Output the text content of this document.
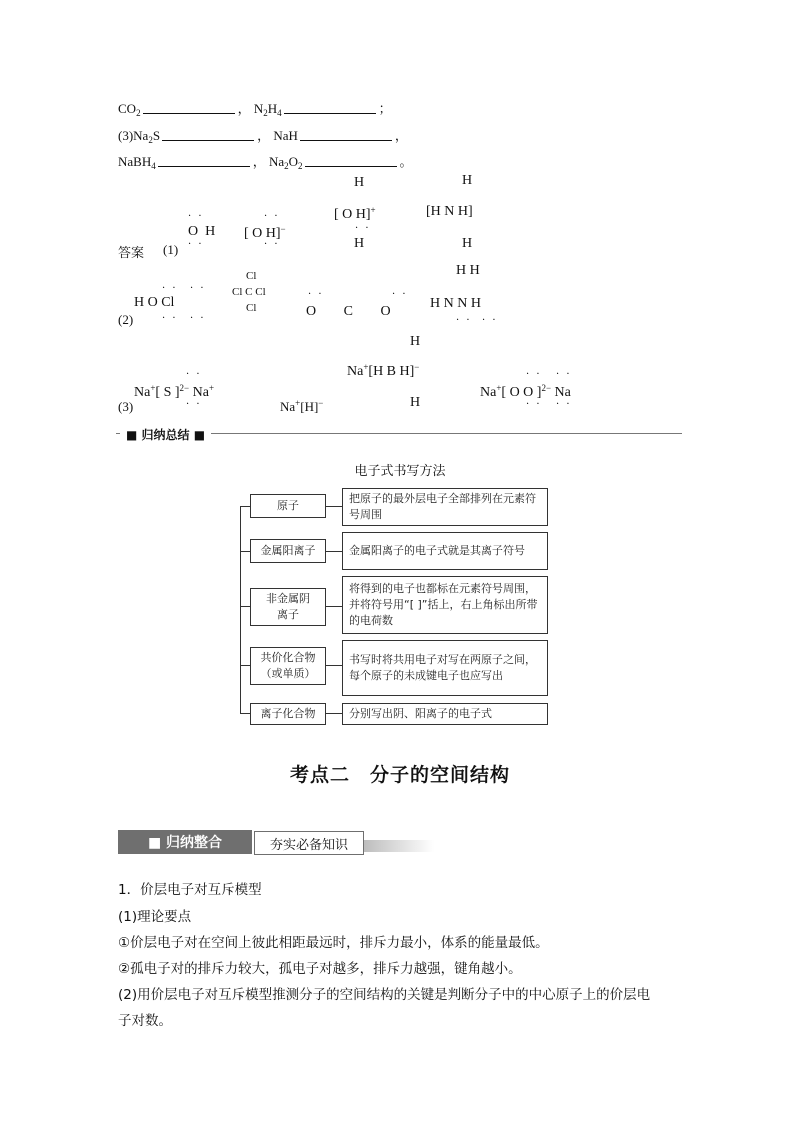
$CO_2$	， $N_2H_4$	；
$(3)Na_2S$	， NaH	，
NaBH$_4$	， $Na_2O_2$	。
答案 (1)
O H
· ·
· ·
[ O H]−
· ·
· ·
H
[ O H]+
· ·
H
H
[H N H]
H
(2)
H O Cl
· · · ·
· · · ·
Cl
Cl C Cl
Cl	O C O
· ·	· ·
H H
H N N H
· · · ·
(3)
Na+[ S ]$^{2-}$ Na+
· ·
· ·	Na+[H]−
H
Na+[H B H]−
H
Na+[ O O ]$^{2-}$ Na
· · · ·
· · · ·
■ 归纳总结 ■
电子式书写方法
原子
把原子的最外层电子全部排列在元素符号周围
金属阳离子	金属阳离子的电子式就是其离子符号
非金属阴离子
将得到的电子也都标在元素符号周围，并将符号用“[ ]”括上，右上角标出所带的电荷数
共价化合物（或单质）
书写时将共用电子对写在两原子之间，每个原子的未成键电子也应写出
离子化合物	分别写出阴、阳离子的电子式
考点二　分子的空间结构
■ 归纳整合	夯实必备知识
1．价层电子对互斥模型
(1)理论要点
①价层电子对在空间上彼此相距最远时，排斥力最小，体系的能量最低。
②孤电子对的排斥力较大，孤电子对越多，排斥力越强，键角越小。
(2)用价层电子对互斥模型推测分子的空间结构的关键是判断分子中的中心原子上的价层电
子对数。
